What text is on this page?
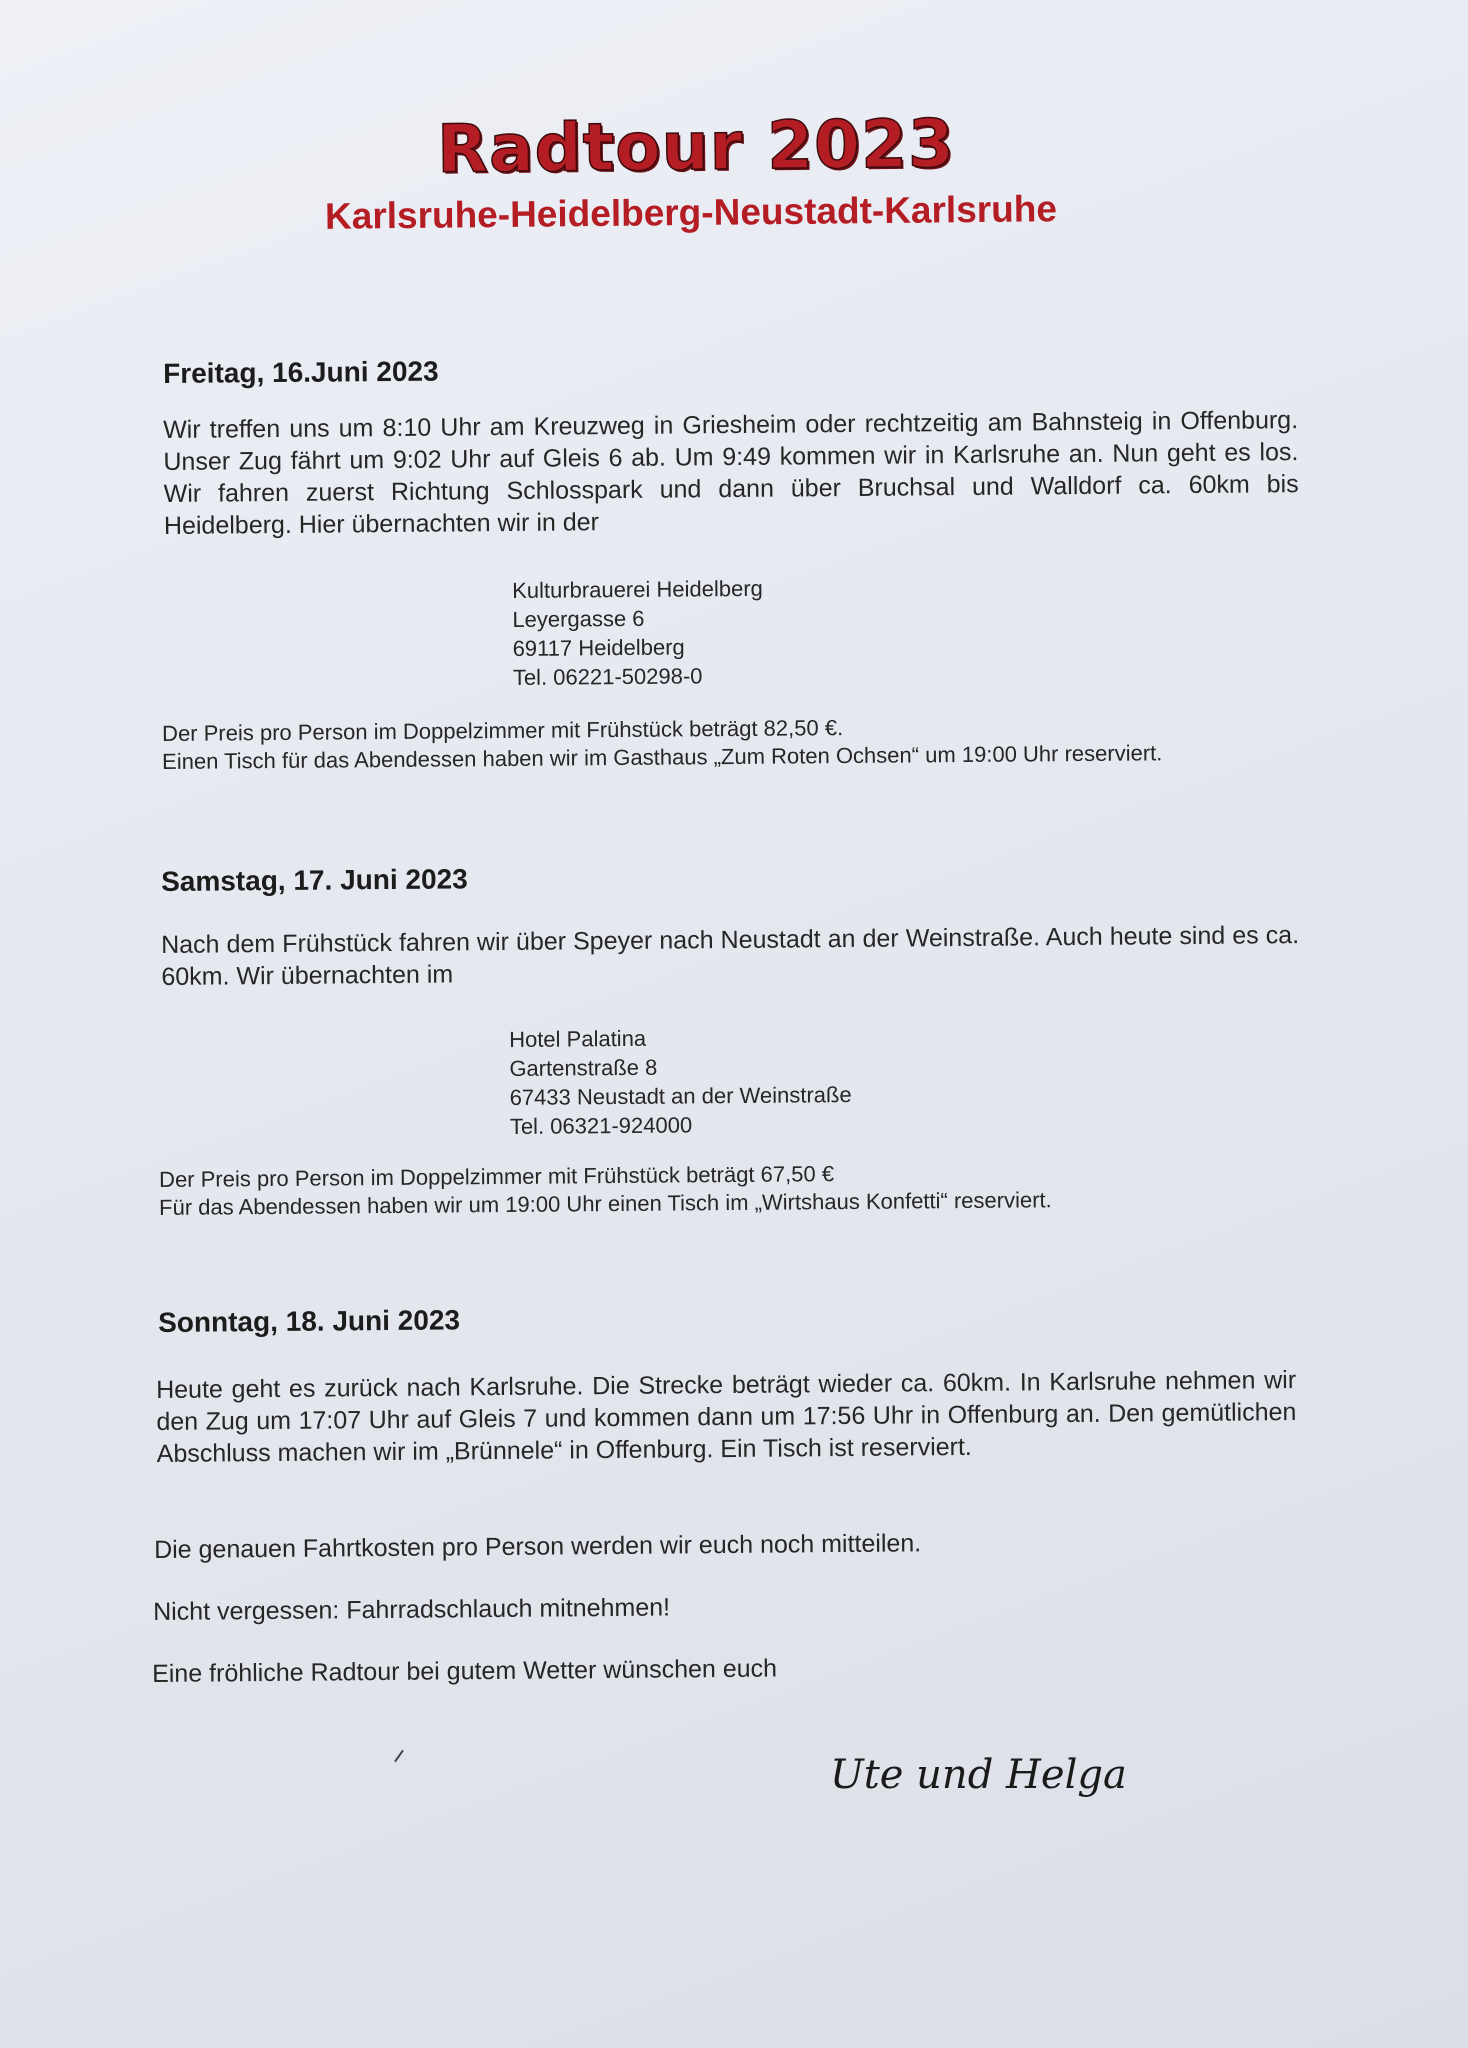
Radtour 2023
Karlsruhe-Heidelberg-Neustadt-Karlsruhe
Freitag, 16.Juni 2023
Wir treffen uns um 8:10 Uhr am Kreuzweg in Griesheim oder rechtzeitig am Bahnsteig in Offenburg. Unser Zug fährt um 9:02 Uhr auf Gleis 6 ab. Um 9:49 kommen wir in Karlsruhe an. Nun geht es los. Wir fahren zuerst Richtung Schlosspark und dann über Bruchsal und Walldorf ca. 60km bis Heidelberg. Hier übernachten wir in der
Kulturbrauerei Heidelberg
Leyergasse 6
69117 Heidelberg
Tel. 06221-50298-0
Der Preis pro Person im Doppelzimmer mit Frühstück beträgt 82,50 €.
Einen Tisch für das Abendessen haben wir im Gasthaus „Zum Roten Ochsen“ um 19:00 Uhr reserviert.
Samstag, 17. Juni 2023
Nach dem Frühstück fahren wir über Speyer nach Neustadt an der Weinstraße. Auch heute sind es ca. 60km. Wir übernachten im
Hotel Palatina
Gartenstraße 8
67433 Neustadt an der Weinstraße
Tel. 06321-924000
Der Preis pro Person im Doppelzimmer mit Frühstück beträgt 67,50 €
Für das Abendessen haben wir um 19:00 Uhr einen Tisch im „Wirtshaus Konfetti“ reserviert.
Sonntag, 18. Juni 2023
Heute geht es zurück nach Karlsruhe. Die Strecke beträgt wieder ca. 60km. In Karlsruhe nehmen wir den Zug um 17:07 Uhr auf Gleis 7 und kommen dann um 17:56 Uhr in Offenburg an. Den gemütlichen Abschluss machen wir im „Brünnele“ in Offenburg. Ein Tisch ist reserviert.
Die genauen Fahrtkosten pro Person werden wir euch noch mitteilen.
Nicht vergessen: Fahrradschlauch mitnehmen!
Eine fröhliche Radtour bei gutem Wetter wünschen euch
Ute und Helga
